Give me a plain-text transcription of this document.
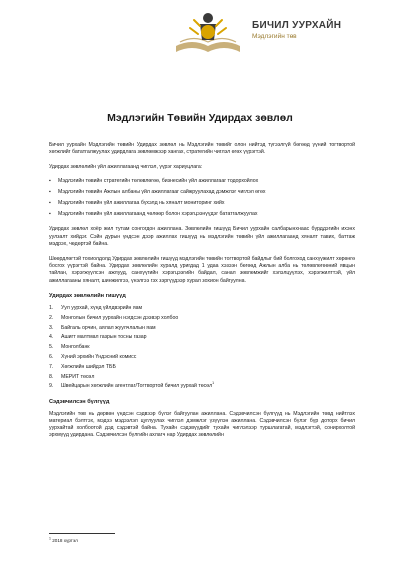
БИЧИЛ УУРХАЙН
Мэдлэгийн төв
Мэдлэгийн Төвийн Удирдах зөвлөл

Бичил уурхайн Мэдлэгийн төвийн Удирдах зөвлөл нь Мэдлэгийн төвийг олон нийтэд түгээлгүй бөгөөд үүний тогтвортой хөгжлийг бататгалжуулах удирдлага зөвлөмжээр хангах, стратегийн чиглэл өгөх үүрэгтэй.

Удирдах зөвлөлийн үйл ажиллагаанд чиглэл, үүрэг хариуцлага:

▪ Мэдлэгийн төвийн стратегийн төлөвлөгөө, бизнесийн үйл ажиллагааг тодорхойлох
▪ Мэдлэгийн төвийн Ажлын албаны үйл ажиллагааг сайжруулахад дэмжлэг чиглэл өгөх
▪ Мэдлэгийн төвийн үйл ажиллагаа бүхэлд нь хяналт мониторинг хийх
▪ Мэдлэгийн төвийн үйл ажиллагаанд чөлөөр болон хэрэгцээнүүдэг бататгалжуулах

Удирдах зөвлөл хоёр жил тутам сонгогдон ажиллана. Зөвлөлийн гишүүд Бичил уурхайн салбарынхнаас бүрддэгийн ихэнх уулзалт хийдэг. Сэйн дурын үндсэн дээр ажиллах гишүүд нь мэдлэгийн төвийн үйл ажиллагаанд хяналт тавих, баттаж мэдрэх, чөдөртэй байна.

Шөөрдлөгтэй тохиолдолд Удирдах зөвлөлийн гишүүд мэдлэгийн төвийн тогтвортой байдлыг бий болгоход санхүүжилт хөрөнгө босгох үүрэгтэй байна. Удирдах зөвлөлийн хуралд уригдад 1 удаа хэзээн бөгөөд Ажлын алба нь төлөвлөгөөний явцын тайлан, хэрэгжүүлсэн ажлууд, санхүүгийн хэрэгцээгийн байдал, санал зөвлөмжийг хэлэлцүүлэх, хэрэгжилттэй, үйл ажиллагааны хяналт, шинжилгээ, үнэлгээ гэх зэргүүдээр хурал зохион байгуулна.

Удирдах зөвлөлийн гишүүд
1.	Уул уурхай, хүнд үйлдвэрийн яам
2.	Монголын бичил уурхайн нэгдсэн дээвэр холбоо
3.	Байгаль орчин, аялал жуулчлалын яам
4.	Ашигт малтмал газрын тосны газар
5.	Монголбанк
6.	Хүний эрхийн Үндэсний комисс
7.	Хөгжлийн шийдэл ТББ
8.	МЕРИТ төсөл
9.	Швейцарын хөгжлийн агентлаг/Тогтвортой бичил уурхай төсөл 1
Сэдэвчилсэн бүлгүүд

Мэдлэгийн төв нь дөрвөн үндсэн сэдвээр бүлэг байгуулан ажиллана. Сэдэвчилсэн бүлгүүд нь Мэдлэгийн төвд нийтлэх материал бэлтгэх, мэдээ мэдээлэл цуглуулах чиглэл дэмжлэг үзүүлэн ажиллана. Сэдэвчилсэн бүлэг бүр доторх бичил уурхайтай холбоотой дэд сэдэвтэй байна. Тухайн сэдэвүүдийг тухайн чиглэлээр туршлагатай, мэдлэгтэй, сонирхолтой эрхмүүд удирдана. Сэдэвчилсэн бүлгийн ахлагч нар Удирдах зөвлөлийн

$^1$ 2018 хүртэл
